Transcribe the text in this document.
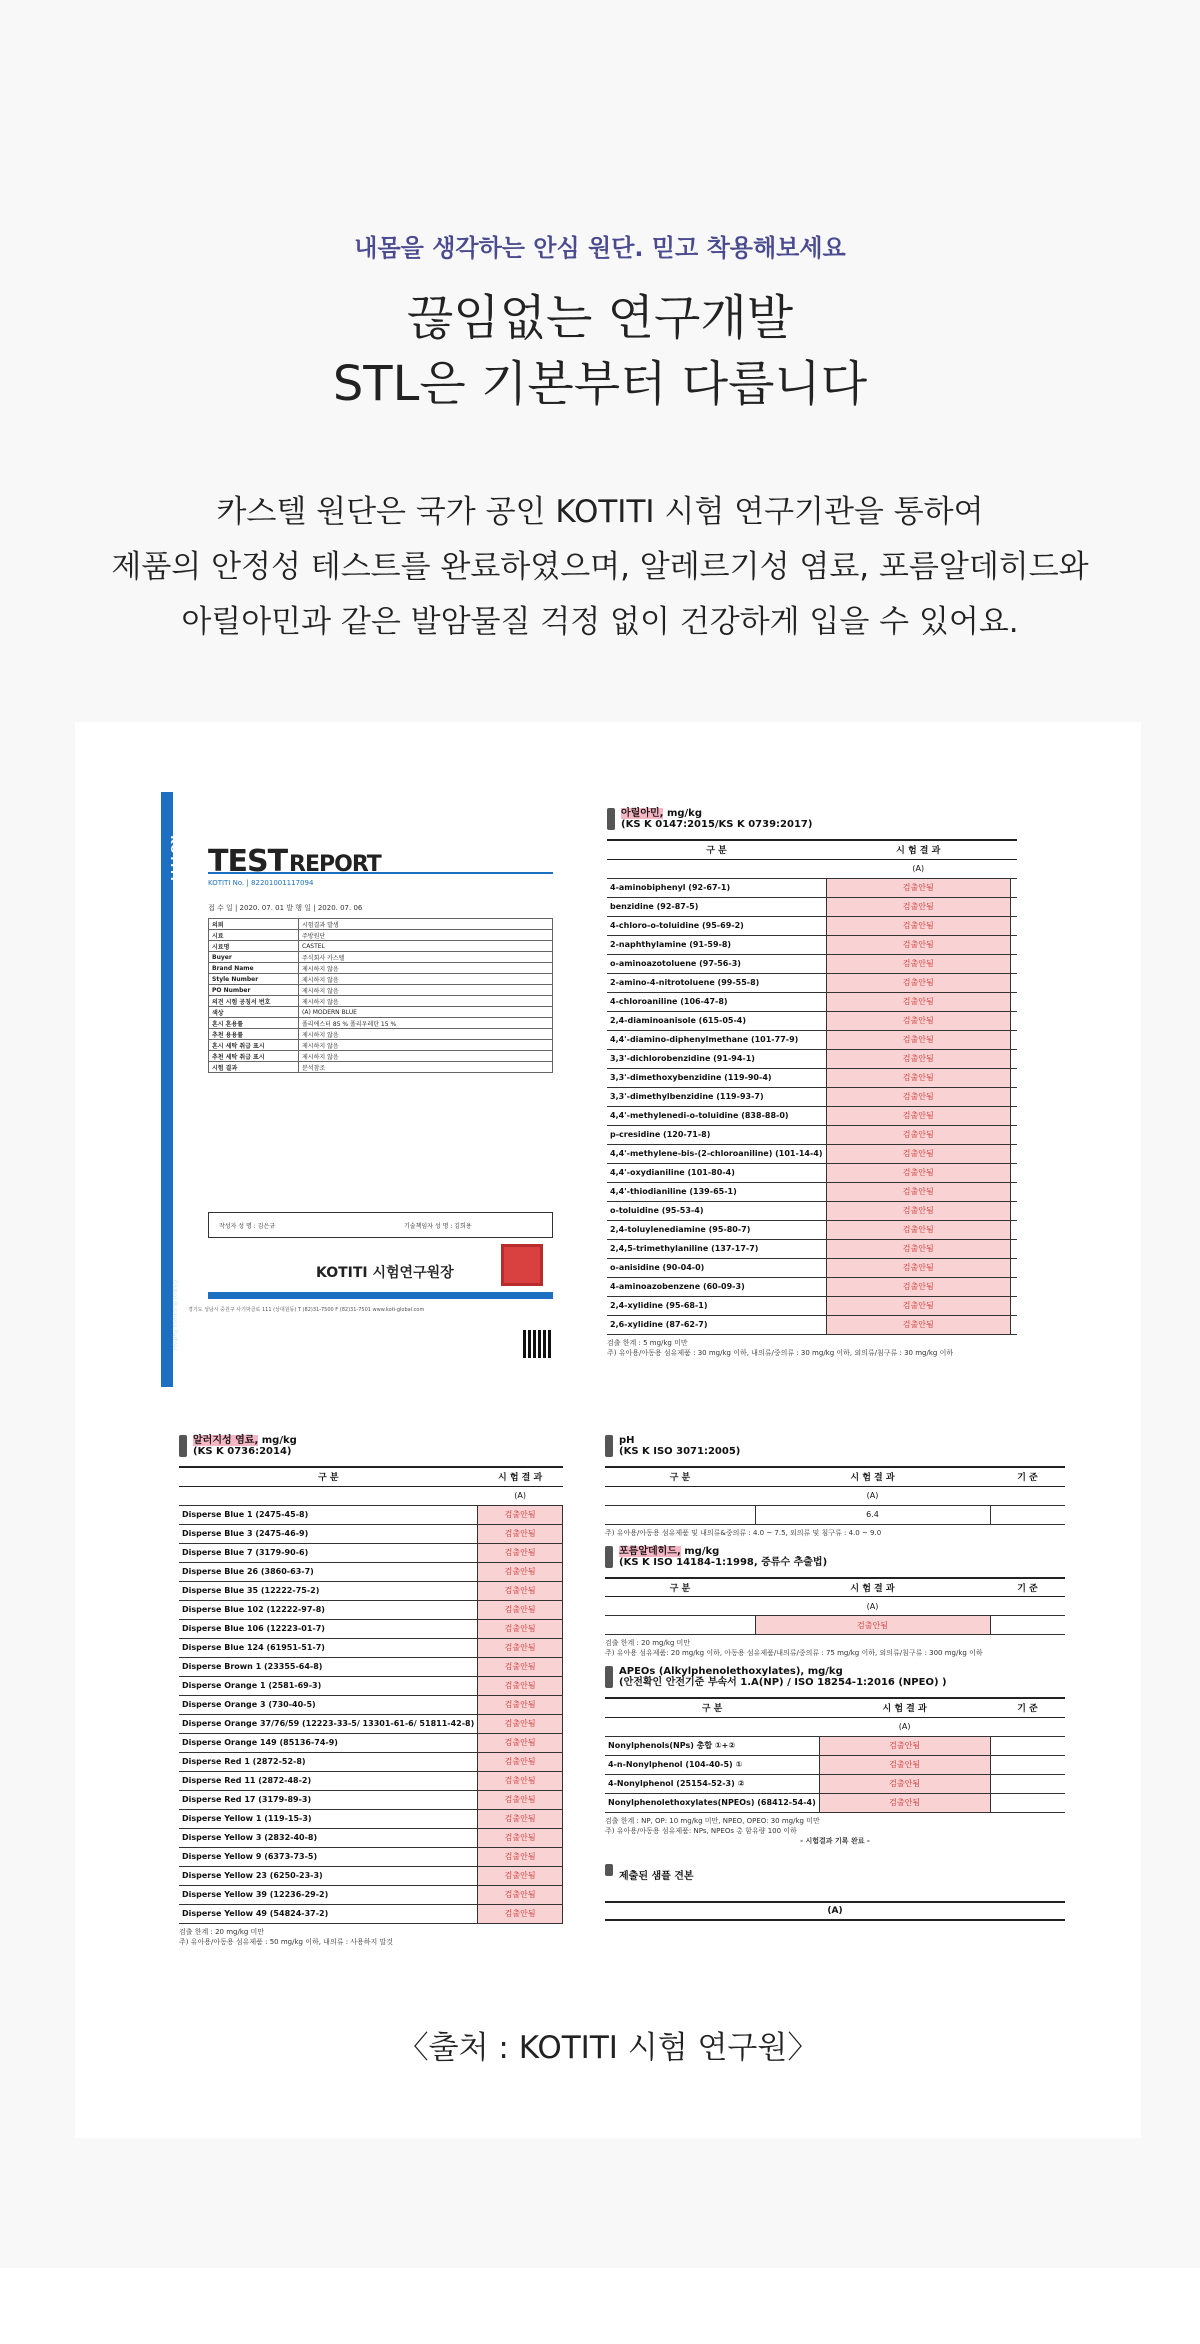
내몸을 생각하는 안심 원단. 믿고 착용해보세요
끊임없는 연구개발
STL은 기본부터 다릅니다
카스텔 원단은 국가 공인 KOTITI 시험 연구기관을 통하여
제품의 안정성 테스트를 완료하였으며, 알레르기성 염료, 포름알데히드와
아릴아민과 같은 발암물질 걱정 없이 건강하게 입을 수 있어요.
KOTITI
Global Business Partner
TESTREPORT
KOTITI No. | 82201001117094
접 수 일 | 2020. 07. 01 발 행 일 | 2020. 07. 06
의뢰	시험결과 발생
시료	주방원단
시료명	CASTEL
Buyer	주식회사 카스텔
Brand Name	제시하지 않음
Style Number	제시하지 않음
PO Number	제시하지 않음
의견 시험 공칭서 번호	제시하지 않음
색상	(A) MODERN BLUE
혼시 혼용률	폴리에스터 85 % 폴리우레탄 15 %
추천 용용률	제시하지 않음
혼시 세탁 취급 표시	제시하지 않음
추천 세탁 취급 표시	제시하지 않음
시험 결과	분석참조
작성자 성 명 : 김은규	기술책임자 성 명 : 김희용
KOTITI 시험연구원장
경기도 성남시 중원구 사기막골로 111 (상대원동) T (82)31-7500 F (82)31-7501 www.koti-global.com
아릴아민, mg/kg
(KS K 0147:2015/KS K 0739:2017)
구 분	시 험 결 과	
	(A)	
4-aminobiphenyl (92-67-1)	검출안됨	
benzidine (92-87-5)	검출안됨	
4-chloro-o-toluidine (95-69-2)	검출안됨	
2-naphthylamine (91-59-8)	검출안됨	
o-aminoazotoluene (97-56-3)	검출안됨	
2-amino-4-nitrotoluene (99-55-8)	검출안됨	
4-chloroaniline (106-47-8)	검출안됨	
2,4-diaminoanisole (615-05-4)	검출안됨	
4,4'-diamino-diphenylmethane (101-77-9)	검출안됨	
3,3'-dichlorobenzidine (91-94-1)	검출안됨	
3,3'-dimethoxybenzidine (119-90-4)	검출안됨	
3,3'-dimethylbenzidine (119-93-7)	검출안됨	
4,4'-methylenedi-o-toluidine (838-88-0)	검출안됨	
p-cresidine (120-71-8)	검출안됨	
4,4'-methylene-bis-(2-chloroaniline) (101-14-4)	검출안됨	
4,4'-oxydianiline (101-80-4)	검출안됨	
4,4'-thiodianiline (139-65-1)	검출안됨	
o-toluidine (95-53-4)	검출안됨	
2,4-toluylenediamine (95-80-7)	검출안됨	
2,4,5-trimethylaniline (137-17-7)	검출안됨	
o-anisidine (90-04-0)	검출안됨	
4-aminoazobenzene (60-09-3)	검출안됨	
2,4-xylidine (95-68-1)	검출안됨	
2,6-xylidine (87-62-7)	검출안됨	
검출 한계 : 5 mg/kg 미만
주) 유아용/아동용 섬유제품 : 30 mg/kg 이하, 내의류/중의류 : 30 mg/kg 이하, 외의류/침구류 : 30 mg/kg 이하
알러지성 염료, mg/kg
(KS K 0736:2014)
구 분	시 험 결 과
	(A)
Disperse Blue 1 (2475-45-8)	검출안됨
Disperse Blue 3 (2475-46-9)	검출안됨
Disperse Blue 7 (3179-90-6)	검출안됨
Disperse Blue 26 (3860-63-7)	검출안됨
Disperse Blue 35 (12222-75-2)	검출안됨
Disperse Blue 102 (12222-97-8)	검출안됨
Disperse Blue 106 (12223-01-7)	검출안됨
Disperse Blue 124 (61951-51-7)	검출안됨
Disperse Brown 1 (23355-64-8)	검출안됨
Disperse Orange 1 (2581-69-3)	검출안됨
Disperse Orange 3 (730-40-5)	검출안됨
Disperse Orange 37/76/59 (12223-33-5/ 13301-61-6/ 51811-42-8)	검출안됨
Disperse Orange 149 (85136-74-9)	검출안됨
Disperse Red 1 (2872-52-8)	검출안됨
Disperse Red 11 (2872-48-2)	검출안됨
Disperse Red 17 (3179-89-3)	검출안됨
Disperse Yellow 1 (119-15-3)	검출안됨
Disperse Yellow 3 (2832-40-8)	검출안됨
Disperse Yellow 9 (6373-73-5)	검출안됨
Disperse Yellow 23 (6250-23-3)	검출안됨
Disperse Yellow 39 (12236-29-2)	검출안됨
Disperse Yellow 49 (54824-37-2)	검출안됨
검출 한계 : 20 mg/kg 미만
주) 유아용/아동용 섬유제품 : 50 mg/kg 이하, 내의류 : 사용하지 말것
pH
(KS K ISO 3071:2005)
구 분	시 험 결 과	기 준
	(A)	
	6.4	
주) 유아용/아동용 섬유제품 및 내의류&중의류 : 4.0 ~ 7.5, 외의류 및 침구류 : 4.0 ~ 9.0
포름알데히드, mg/kg
(KS K ISO 14184-1:1998, 증류수 추출법)
구 분	시 험 결 과	기 준
	(A)	
	검출안됨	
검출 한계 : 20 mg/kg 미만
주) 유아용 섬유제품: 20 mg/kg 이하, 아동용 섬유제품/내의류/중의류 : 75 mg/kg 이하, 외의류/침구류 : 300 mg/kg 이하
APEOs (Alkylphenolethoxylates), mg/kg
(안전확인 안전기준 부속서 1.A(NP) / ISO 18254-1:2016 (NPEO) )
구 분	시 험 결 과	기 준
	(A)	
Nonylphenols(NPs) 총합 ①+②	검출안됨	
4-n-Nonylphenol (104-40-5) ①	검출안됨	
4-Nonylphenol (25154-52-3) ②	검출안됨	
Nonylphenolethoxylates(NPEOs) (68412-54-4)	검출안됨	
검출 한계 : NP, OP: 10 mg/kg 미만, NPEO, OPEO: 30 mg/kg 미만
주) 유아용/아동용 섬유제품: NPs, NPEOs 총 함유량 100 이하
- 시험결과 기록 완료 -
제출된 샘플 견본
(A)
〈출처 : KOTITI 시험 연구원〉
